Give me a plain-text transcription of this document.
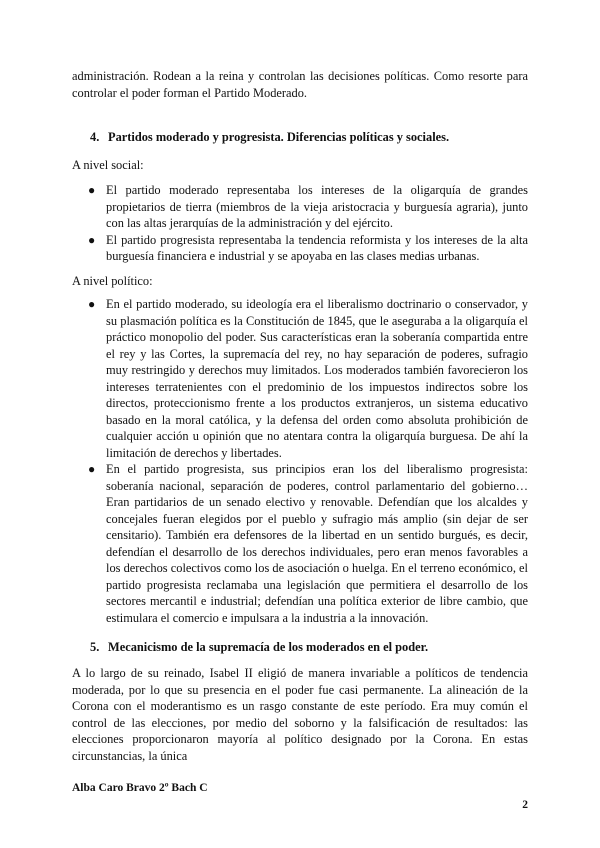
administración. Rodean a la reina y controlan las decisiones políticas. Como resorte para controlar el poder forman el Partido Moderado.

4. Partidos moderado y progresista. Diferencias políticas y sociales.

A nivel social:

● El partido moderado representaba los intereses de la oligarquía de grandes propietarios de tierra (miembros de la vieja aristocracia y burguesía agraria), junto con las altas jerarquías de la administración y del ejército.
● El partido progresista representaba la tendencia reformista y los intereses de la alta burguesía financiera e industrial y se apoyaba en las clases medias urbanas.

A nivel político:

● En el partido moderado, su ideología era el liberalismo doctrinario o conservador, y su plasmación política es la Constitución de 1845, que le aseguraba a la oligarquía el práctico monopolio del poder. Sus características eran la soberanía compartida entre el rey y las Cortes, la supremacía del rey, no hay separación de poderes, sufragio muy restringido y derechos muy limitados. Los moderados también favorecieron los intereses terratenientes con el predominio de los impuestos indirectos sobre los directos, proteccionismo frente a los productos extranjeros, un sistema educativo basado en la moral católica, y la defensa del orden como absoluta prohibición de cualquier acción u opinión que no atentara contra la oligarquía burguesa. De ahí la limitación de derechos y libertades.
● En el partido progresista, sus principios eran los del liberalismo progresista: soberanía nacional, separación de poderes, control parlamentario del gobierno… Eran partidarios de un senado electivo y renovable. Defendían que los alcaldes y concejales fueran elegidos por el pueblo y sufragio más amplio (sin dejar de ser censitario). También era defensores de la libertad en un sentido burgués, es decir, defendían el desarrollo de los derechos individuales, pero eran menos favorables a los derechos colectivos como los de asociación o huelga. En el terreno económico, el partido progresista reclamaba una legislación que permitiera el desarrollo de los sectores mercantil e industrial; defendían una política exterior de libre cambio, que estimulara el comercio e impulsara a la industria a la innovación.
5. Mecanicismo de la supremacía de los moderados en el poder.

A lo largo de su reinado, Isabel II eligió de manera invariable a políticos de tendencia moderada, por lo que su presencia en el poder fue casi permanente. La alineación de la Corona con el moderantismo es un rasgo constante de este período. Era muy común el control de las elecciones, por medio del soborno y la falsificación de resultados: las elecciones proporcionaron mayoría al político designado por la Corona. En estas circunstancias, la única

Alba Caro Bravo 2º Bach C
2
